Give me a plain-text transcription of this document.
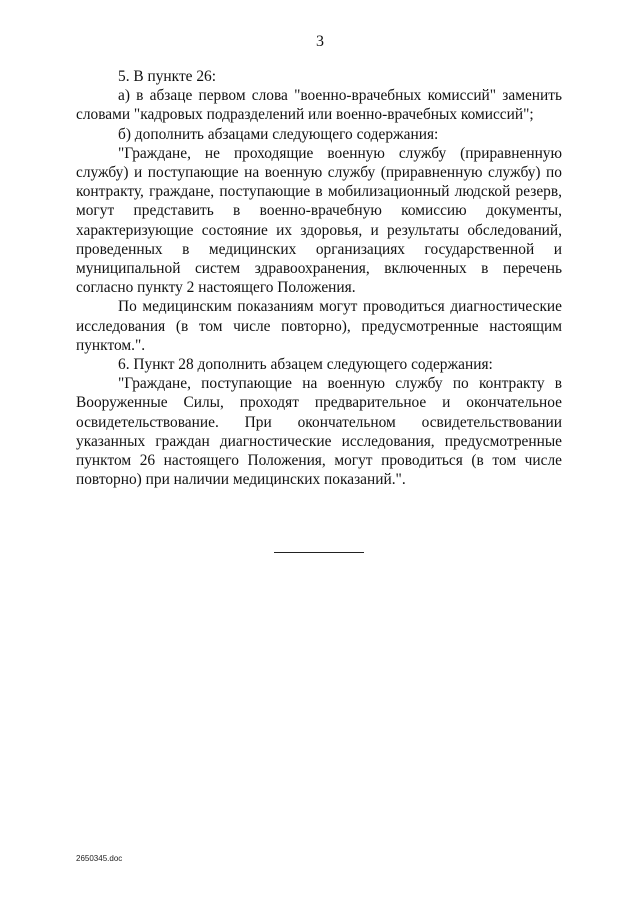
3

5. В пункте 26:

а) в абзаце первом слова "военно-врачебных комиссий" заменить словами "кадровых подразделений или военно-врачебных комиссий";

б) дополнить абзацами следующего содержания:

"Граждане, не проходящие военную службу (приравненную службу) и поступающие на военную службу (приравненную службу) по контракту, граждане, поступающие в мобилизационный людской резерв, могут представить в военно-врачебную комиссию документы, характеризующие состояние их здоровья, и результаты обследований, проведенных в медицинских организациях государственной и муниципальной систем здравоохранения, включенных в перечень согласно пункту 2 настоящего Положения.

По медицинским показаниям могут проводиться диагностические исследования (в том числе повторно), предусмотренные настоящим пунктом.".

6. Пункт 28 дополнить абзацем следующего содержания:

"Граждане, поступающие на военную службу по контракту в Вооруженные Силы, проходят предварительное и окончательное освидетельствование. При окончательном освидетельствовании указанных граждан диагностические исследования, предусмотренные пунктом 26 настоящего Положения, могут проводиться (в том числе повторно) при наличии медицинских показаний.".

2650345.doc
